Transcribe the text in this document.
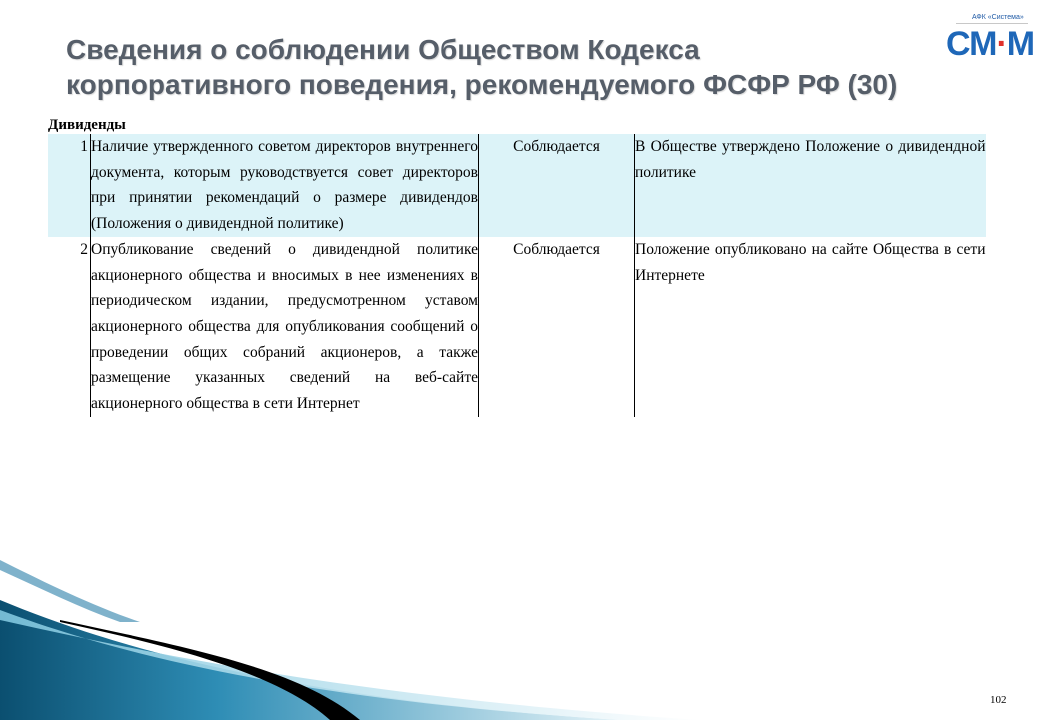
Сведения о соблюдении Обществом Кодекса
корпоративного поведения, рекомендуемого ФСФР РФ (30)
АФК «Система»
СМ·М
Дивиденды
1	Наличие утвержденного советом директоров внутреннего документа, которым руководствуется совет директоров при принятии рекомендаций о размере дивидендов (Положения о дивидендной политике)	Соблюдается	В Обществе утверждено Положение о дивидендной политике
2	Опубликование сведений о дивидендной политике акционерного общества и вносимых в нее изменениях в периодическом издании, предусмотренном уставом акционерного общества для опубликования сообщений о проведении общих собраний акционеров, а также размещение указанных сведений на веб-сайте акционерного общества в сети Интернет	Соблюдается	Положение опубликовано на сайте Общества в сети Интернете
102
